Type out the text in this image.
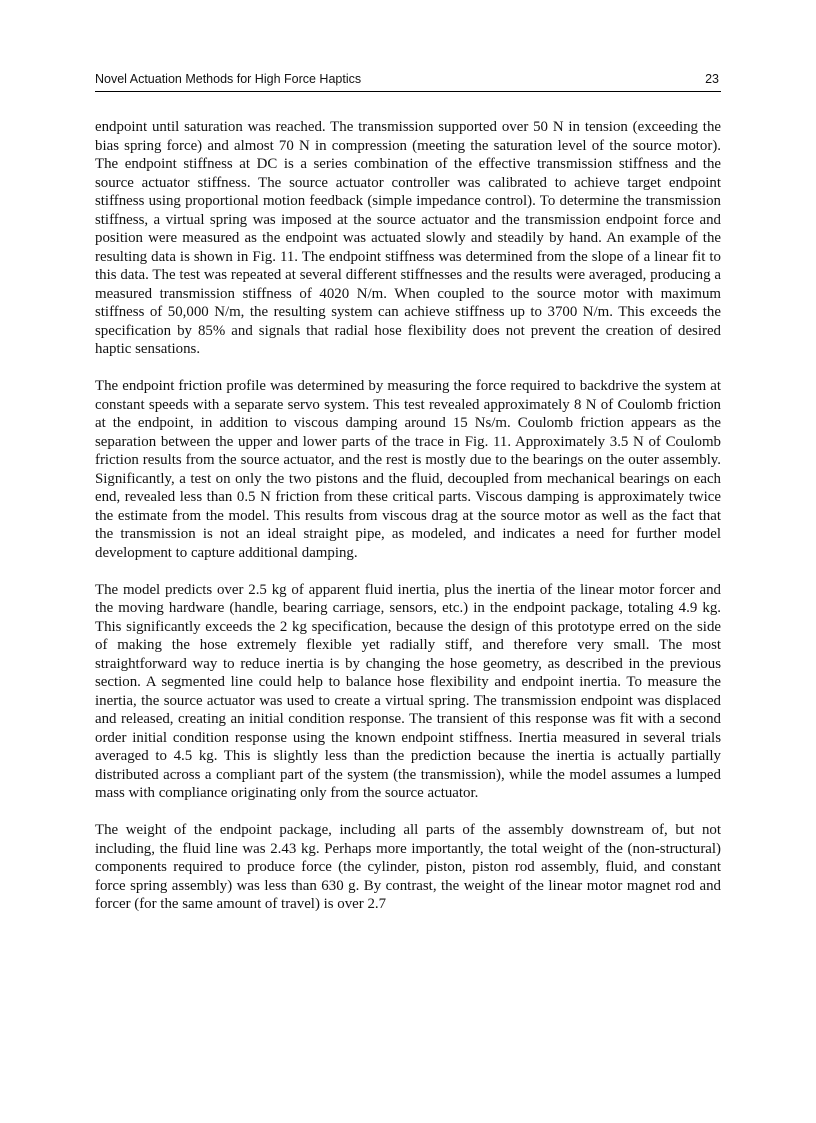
Novel Actuation Methods for High Force Haptics	23

endpoint until saturation was reached. The transmission supported over 50 N in tension (exceeding the bias spring force) and almost 70 N in compression (meeting the saturation level of the source motor). The endpoint stiffness at DC is a series combination of the effective transmission stiffness and the source actuator stiffness. The source actuator controller was calibrated to achieve target endpoint stiffness using proportional motion feedback (simple impedance control). To determine the transmission stiffness, a virtual spring was imposed at the source actuator and the transmission endpoint force and position were measured as the endpoint was actuated slowly and steadily by hand. An example of the resulting data is shown in Fig. 11. The endpoint stiffness was determined from the slope of a linear fit to this data. The test was repeated at several different stiffnesses and the results were averaged, producing a measured transmission stiffness of 4020 N/m. When coupled to the source motor with maximum stiffness of 50,000 N/m, the resulting system can achieve stiffness up to 3700 N/m. This exceeds the specification by 85% and signals that radial hose flexibility does not prevent the creation of desired haptic sensations.

The endpoint friction profile was determined by measuring the force required to backdrive the system at constant speeds with a separate servo system. This test revealed approximately 8 N of Coulomb friction at the endpoint, in addition to viscous damping around 15 Ns/m. Coulomb friction appears as the separation between the upper and lower parts of the trace in Fig. 11. Approximately 3.5 N of Coulomb friction results from the source actuator, and the rest is mostly due to the bearings on the outer assembly. Significantly, a test on only the two pistons and the fluid, decoupled from mechanical bearings on each end, revealed less than 0.5 N friction from these critical parts. Viscous damping is approximately twice the estimate from the model. This results from viscous drag at the source motor as well as the fact that the transmission is not an ideal straight pipe, as modeled, and indicates a need for further model development to capture additional damping.

The model predicts over 2.5 kg of apparent fluid inertia, plus the inertia of the linear motor forcer and the moving hardware (handle, bearing carriage, sensors, etc.) in the endpoint package, totaling 4.9 kg. This significantly exceeds the 2 kg specification, because the design of this prototype erred on the side of making the hose extremely flexible yet radially stiff, and therefore very small. The most straightforward way to reduce inertia is by changing the hose geometry, as described in the previous section. A segmented line could help to balance hose flexibility and endpoint inertia. To measure the inertia, the source actuator was used to create a virtual spring. The transmission endpoint was displaced and released, creating an initial condition response. The transient of this response was fit with a second order initial condition response using the known endpoint stiffness. Inertia measured in several trials averaged to 4.5 kg. This is slightly less than the prediction because the inertia is actually partially distributed across a compliant part of the system (the transmission), while the model assumes a lumped mass with compliance originating only from the source actuator.

The weight of the endpoint package, including all parts of the assembly downstream of, but not including, the fluid line was 2.43 kg. Perhaps more importantly, the total weight of the (non-structural) components required to produce force (the cylinder, piston, piston rod assembly, fluid, and constant force spring assembly) was less than 630 g. By contrast, the weight of the linear motor magnet rod and forcer (for the same amount of travel) is over 2.7
